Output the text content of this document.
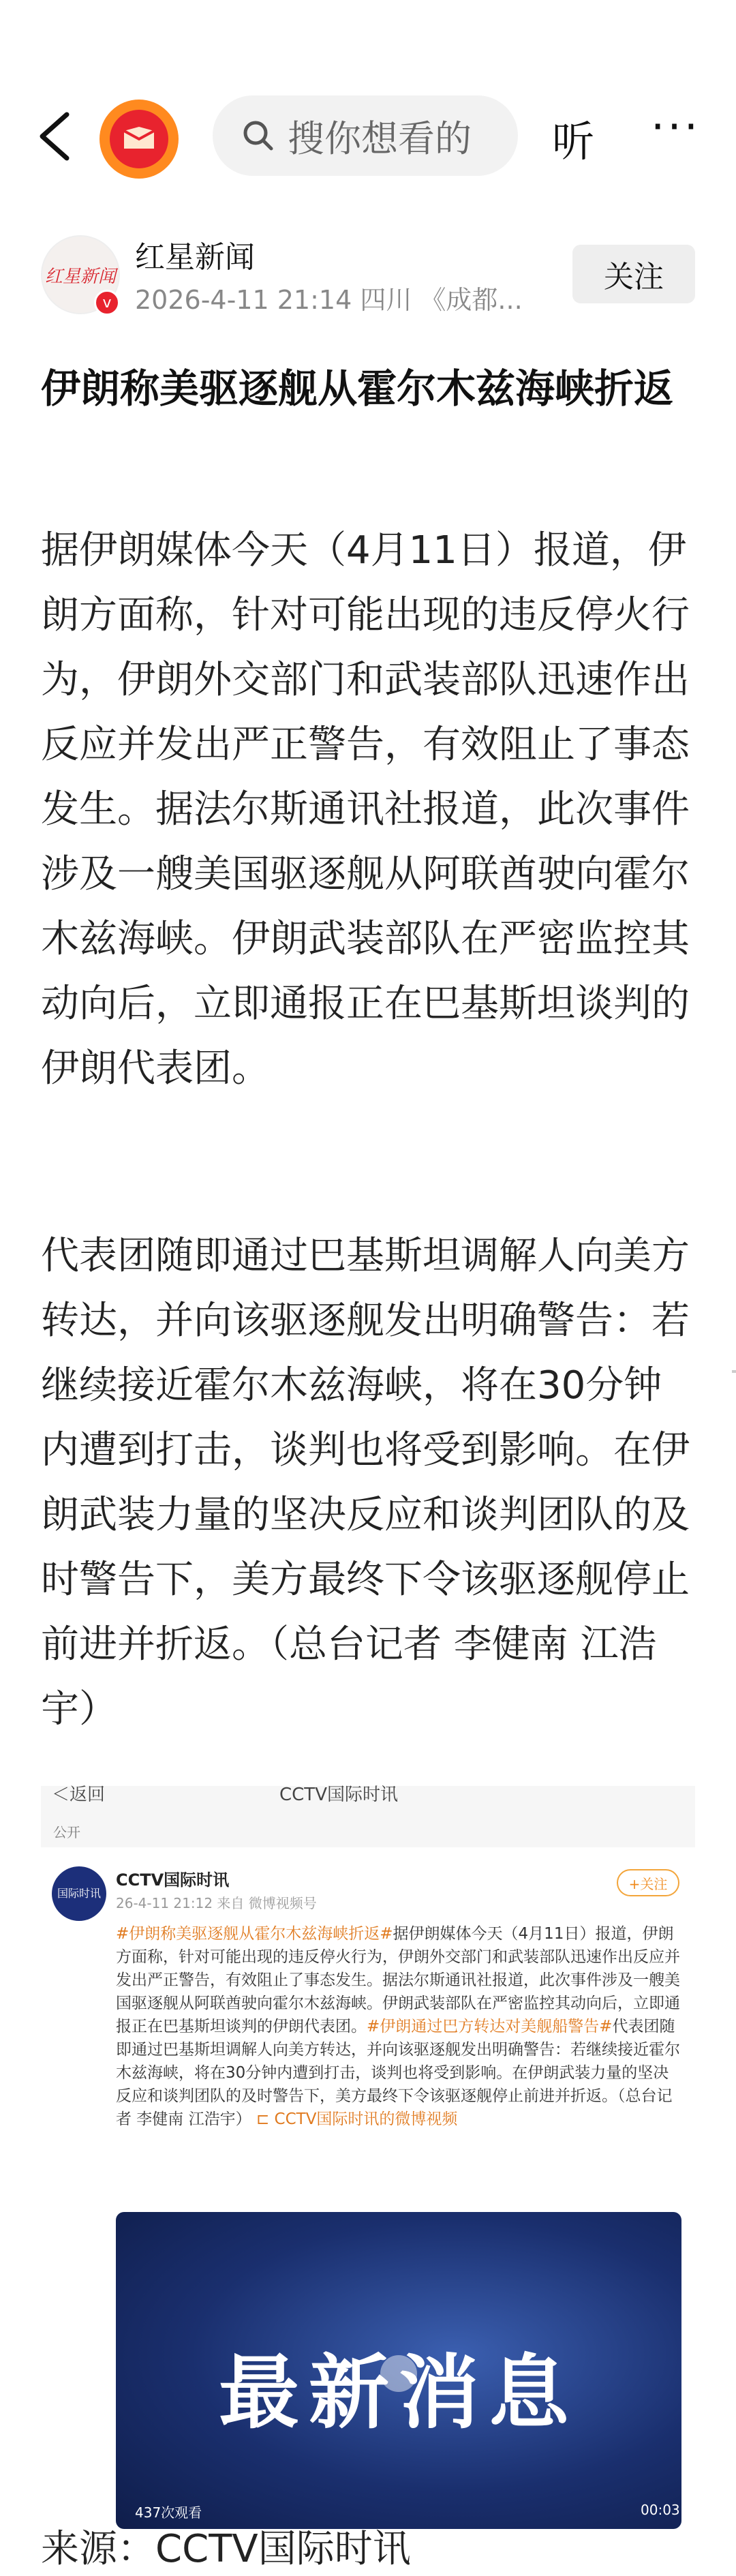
搜你想看的 听 ···
红星新闻
v
红星新闻
2026-4-11 21:14 四川 《成都...
关注
伊朗称美驱逐舰从霍尔木兹海峡折返
据伊朗媒体今天（4月11日）报道，伊朗方面称，针对可能出现的违反停火行为，伊朗外交部门和武装部队迅速作出反应并发出严正警告，有效阻止了事态发生。据法尔斯通讯社报道，此次事件涉及一艘美国驱逐舰从阿联酋驶向霍尔木兹海峡。伊朗武装部队在严密监控其动向后，立即通报正在巴基斯坦谈判的伊朗代表团。
代表团随即通过巴基斯坦调解人向美方转达，并向该驱逐舰发出明确警告：若继续接近霍尔木兹海峡，将在30分钟内遭到打击，谈判也将受到影响。在伊朗武装力量的坚决反应和谈判团队的及时警告下，美方最终下令该驱逐舰停止前进并折返。（总台记者 李健南 江浩宇）
＜返回	CCTV国际时讯
公开
国际时讯
CCTV国际时讯
26-4-11 21:12 来自 微博视频号
+关注
#伊朗称美驱逐舰从霍尔木兹海峡折返#据伊朗媒体今天（4月11日）报道，伊朗方面称，针对可能出现的违反停火行为，伊朗外交部门和武装部队迅速作出反应并发出严正警告，有效阻止了事态发生。据法尔斯通讯社报道，此次事件涉及一艘美国驱逐舰从阿联酋驶向霍尔木兹海峡。伊朗武装部队在严密监控其动向后，立即通报正在巴基斯坦谈判的伊朗代表团。#伊朗通过巴方转达对美舰船警告#代表团随即通过巴基斯坦调解人向美方转达，并向该驱逐舰发出明确警告：若继续接近霍尔木兹海峡，将在30分钟内遭到打击，谈判也将受到影响。在伊朗武装力量的坚决反应和谈判团队的及时警告下，美方最终下令该驱逐舰停止前进并折返。（总台记者 李健南 江浩宇） ⊏ CCTV国际时讯的微博视频
最新消息
437次观看	00:03
来源：CCTV国际时讯
